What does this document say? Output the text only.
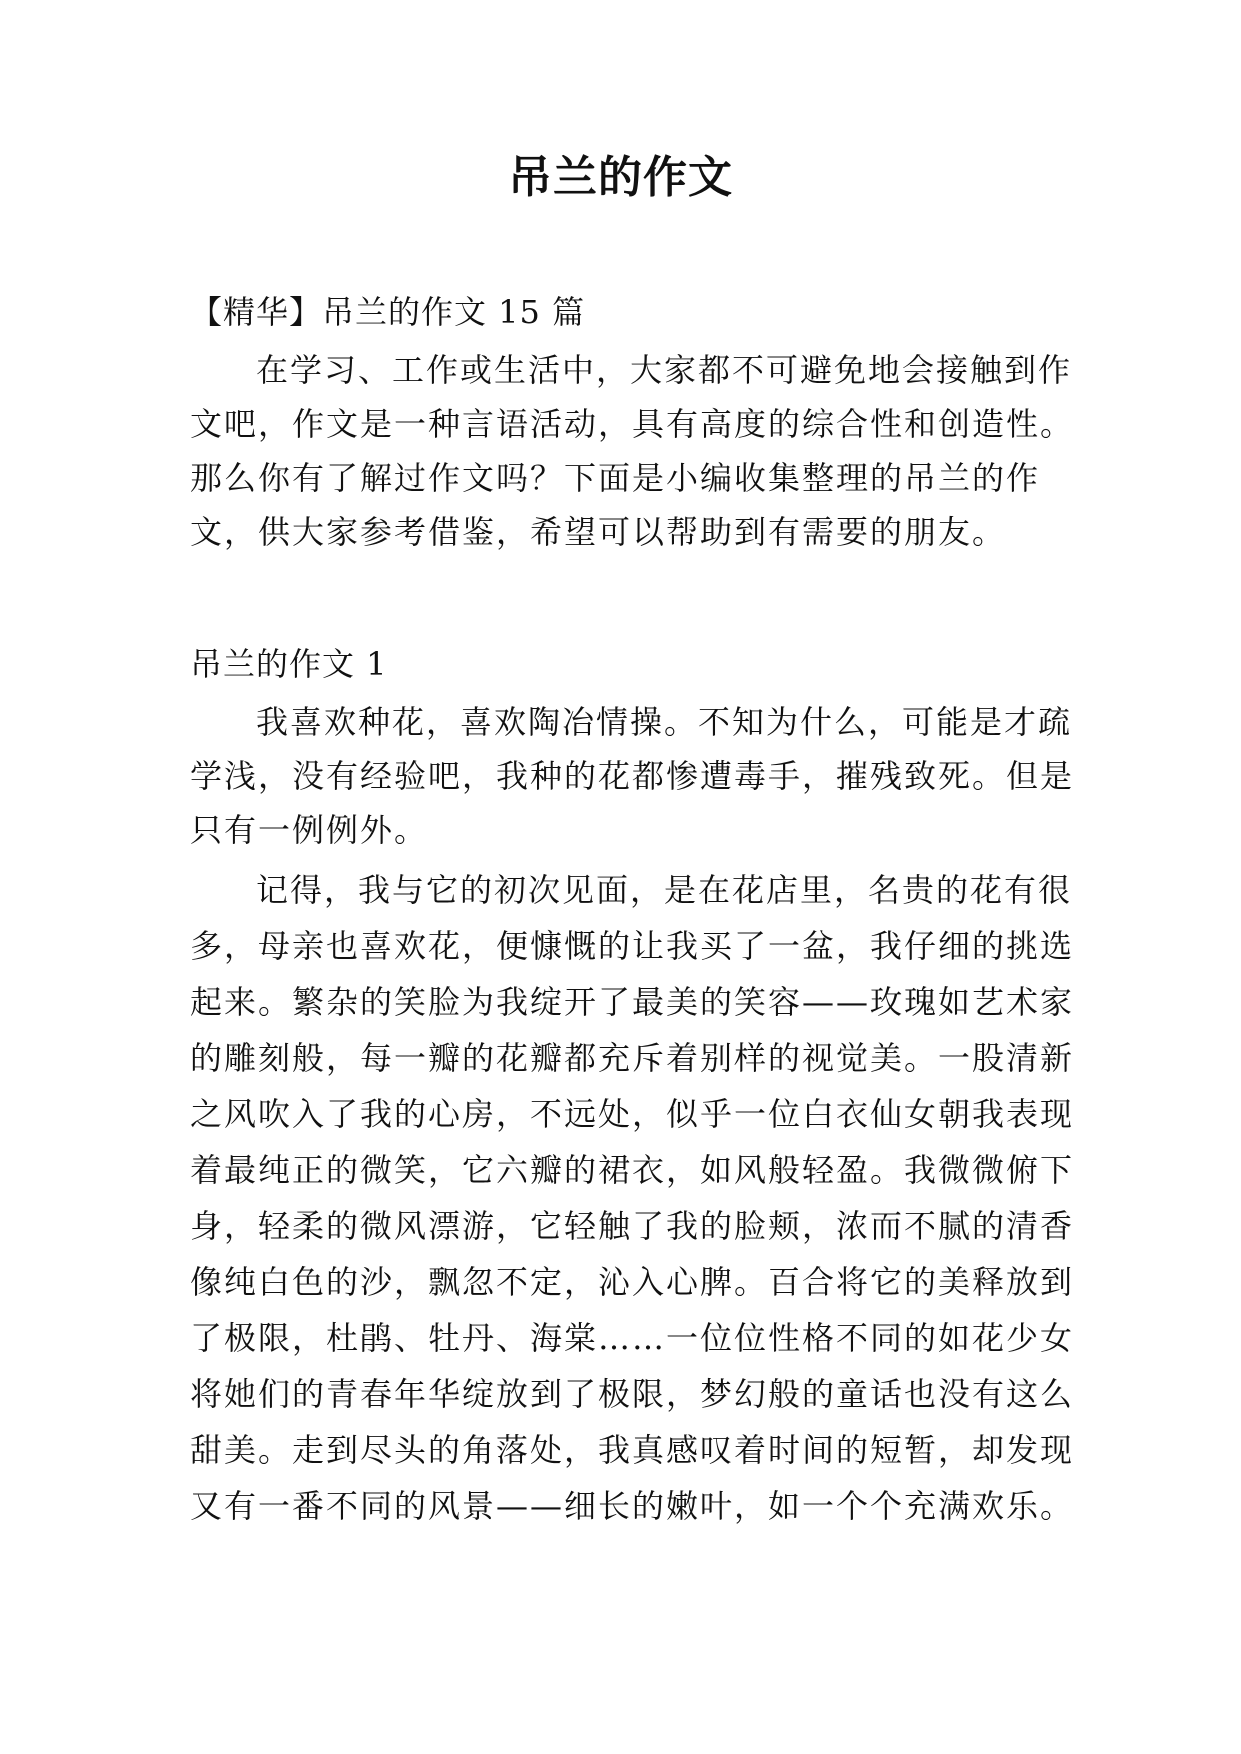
吊兰的作文
【精华】吊兰的作文 15 篇
在学习、工作或生活中，大家都不可避免地会接触到作
文吧，作文是一种言语活动，具有高度的综合性和创造性。
那么你有了解过作文吗？下面是小编收集整理的吊兰的作
文，供大家参考借鉴，希望可以帮助到有需要的朋友。
吊兰的作文 1
我喜欢种花，喜欢陶冶情操。不知为什么，可能是才疏
学浅，没有经验吧，我种的花都惨遭毒手，摧残致死。但是
只有一例例外。
记得，我与它的初次见面，是在花店里，名贵的花有很
多，母亲也喜欢花，便慷慨的让我买了一盆，我仔细的挑选
起来。繁杂的笑脸为我绽开了最美的笑容——玫瑰如艺术家
的雕刻般，每一瓣的花瓣都充斥着别样的视觉美。一股清新
之风吹入了我的心房，不远处，似乎一位白衣仙女朝我表现
着最纯正的微笑，它六瓣的裙衣，如风般轻盈。我微微俯下
身，轻柔的微风漂游，它轻触了我的脸颊，浓而不腻的清香
像纯白色的沙，飘忽不定，沁入心脾。百合将它的美释放到
了极限，杜鹃、牡丹、海棠……一位位性格不同的如花少女
将她们的青春年华绽放到了极限，梦幻般的童话也没有这么
甜美。走到尽头的角落处，我真感叹着时间的短暂，却发现
又有一番不同的风景——细长的嫩叶，如一个个充满欢乐。
